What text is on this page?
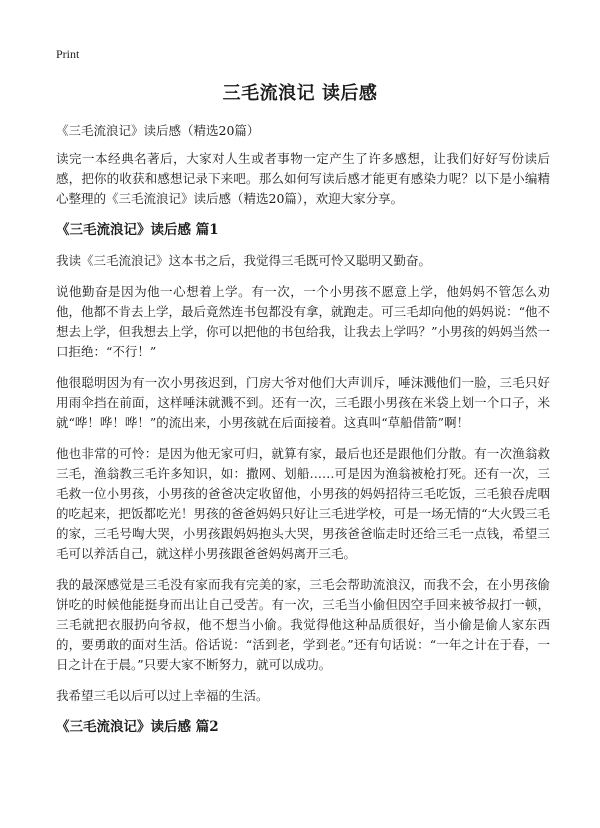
Print
三毛流浪记 读后感
《三毛流浪记》读后感（精选20篇）

读完一本经典名著后，大家对人生或者事物一定产生了许多感想，让我们好好写份读后感，把你的收获和感想记录下来吧。那么如何写读后感才能更有感染力呢？以下是小编精心整理的《三毛流浪记》读后感（精选20篇），欢迎大家分享。

《三毛流浪记》读后感 篇1

我读《三毛流浪记》这本书之后，我觉得三毛既可怜又聪明又勤奋。

说他勤奋是因为他一心想着上学。有一次，一个小男孩不愿意上学，他妈妈不管怎么劝他，他都不肯去上学，最后竟然连书包都没有拿，就跑走。可三毛却向他的妈妈说：“他不想去上学，但我想去上学，你可以把他的书包给我，让我去上学吗？”小男孩的妈妈当然一口拒绝：“不行！”

他很聪明因为有一次小男孩迟到，门房大爷对他们大声训斥，唾沫溅他们一脸，三毛只好用雨伞挡在前面，这样唾沫就溅不到。还有一次，三毛跟小男孩在米袋上划一个口子，米就“哗！哗！哗！”的流出来，小男孩就在后面接着。这真叫“草船借箭”啊！

他也非常的可怜：是因为他无家可归，就算有家，最后也还是跟他们分散。有一次渔翁救三毛，渔翁教三毛许多知识，如：撒网、划船……可是因为渔翁被枪打死。还有一次，三毛救一位小男孩，小男孩的爸爸决定收留他，小男孩的妈妈招待三毛吃饭，三毛狼吞虎咽的吃起来，把饭都吃光！男孩的爸爸妈妈只好让三毛进学校，可是一场无情的“大火毁三毛的家，三毛号啕大哭，小男孩跟妈妈抱头大哭，男孩爸爸临走时还给三毛一点钱，希望三毛可以养活自己，就这样小男孩跟爸爸妈妈离开三毛。

我的最深感觉是三毛没有家而我有完美的家，三毛会帮助流浪汉，而我不会，在小男孩偷饼吃的时候他能挺身而出让自己受苦。有一次，三毛当小偷但因空手回来被爷叔打一顿，三毛就把衣服扔向爷叔，他不想当小偷。我觉得他这种品质很好，当小偷是偷人家东西的，要勇敢的面对生活。俗话说：“活到老，学到老。”还有句话说：“一年之计在于春，一日之计在于晨。”只要大家不断努力，就可以成功。

我希望三毛以后可以过上幸福的生活。

《三毛流浪记》读后感 篇2
